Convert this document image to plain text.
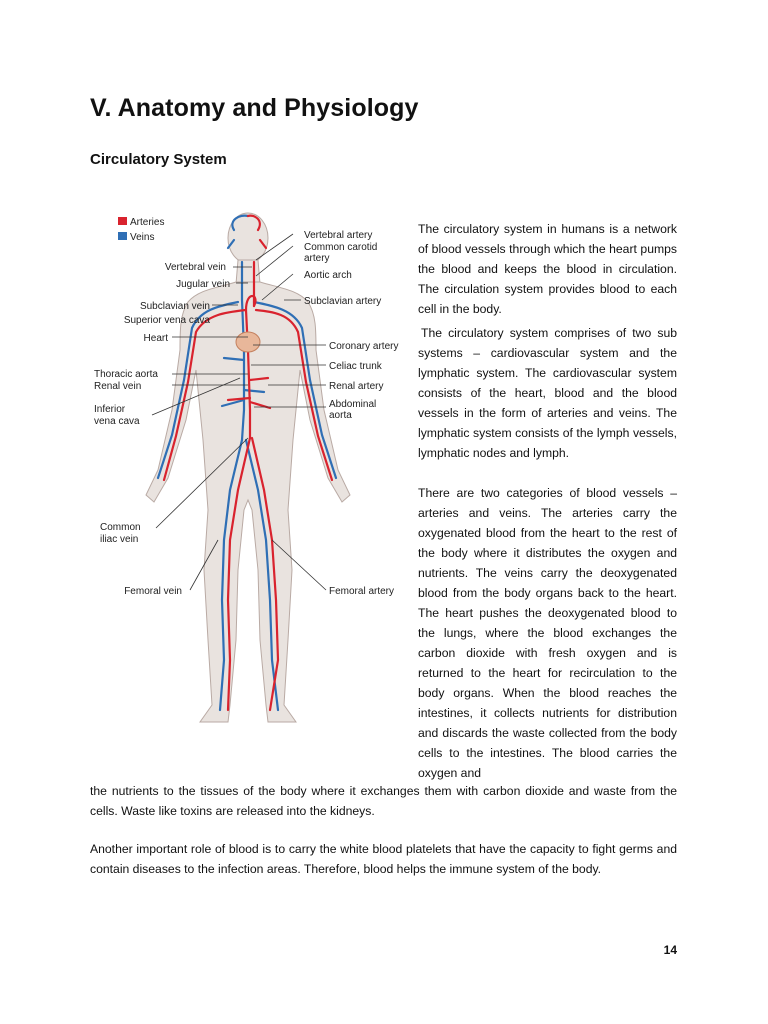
V. Anatomy and Physiology
Circulatory System
Arteries
Veins
Vertebral vein
Jugular vein
Subclavian vein
Superior vena cava
Heart
Thoracic aorta
Renal vein
Inferior
vena cava
Common
iliac vein
Femoral vein
Vertebral artery
Common carotid
artery
Aortic arch
Subclavian artery
Coronary artery
Celiac trunk
Renal artery
Abdominal
aorta
Femoral artery

The circulatory system in humans is a network of blood vessels through which the heart pumps the blood and keeps the blood in circulation. The circulation system provides blood to each cell in the body.

The circulatory system comprises of two sub systems – cardiovascular system and the lymphatic system. The cardiovascular system consists of the heart, blood and the blood vessels in the form of arteries and veins. The lymphatic system consists of the lymph vessels, lymphatic nodes and lymph.

There are two categories of blood vessels – arteries and veins. The arteries carry the oxygenated blood from the heart to the rest of the body where it distributes the oxygen and nutrients. The veins carry the deoxygenated blood from the body organs back to the heart. The heart pushes the deoxygenated blood to the lungs, where the blood exchanges the carbon dioxide with fresh oxygen and is returned to the heart for recirculation to the body organs. When the blood reaches the intestines, it collects nutrients for distribution and discards the waste collected from the body cells to the intestines. The blood carries the oxygen and

the nutrients to the tissues of the body where it exchanges them with carbon dioxide and waste from the cells. Waste like toxins are released into the kidneys.

Another important role of blood is to carry the white blood platelets that have the capacity to fight germs and contain diseases to the infection areas. Therefore, blood helps the immune system of the body.

14
